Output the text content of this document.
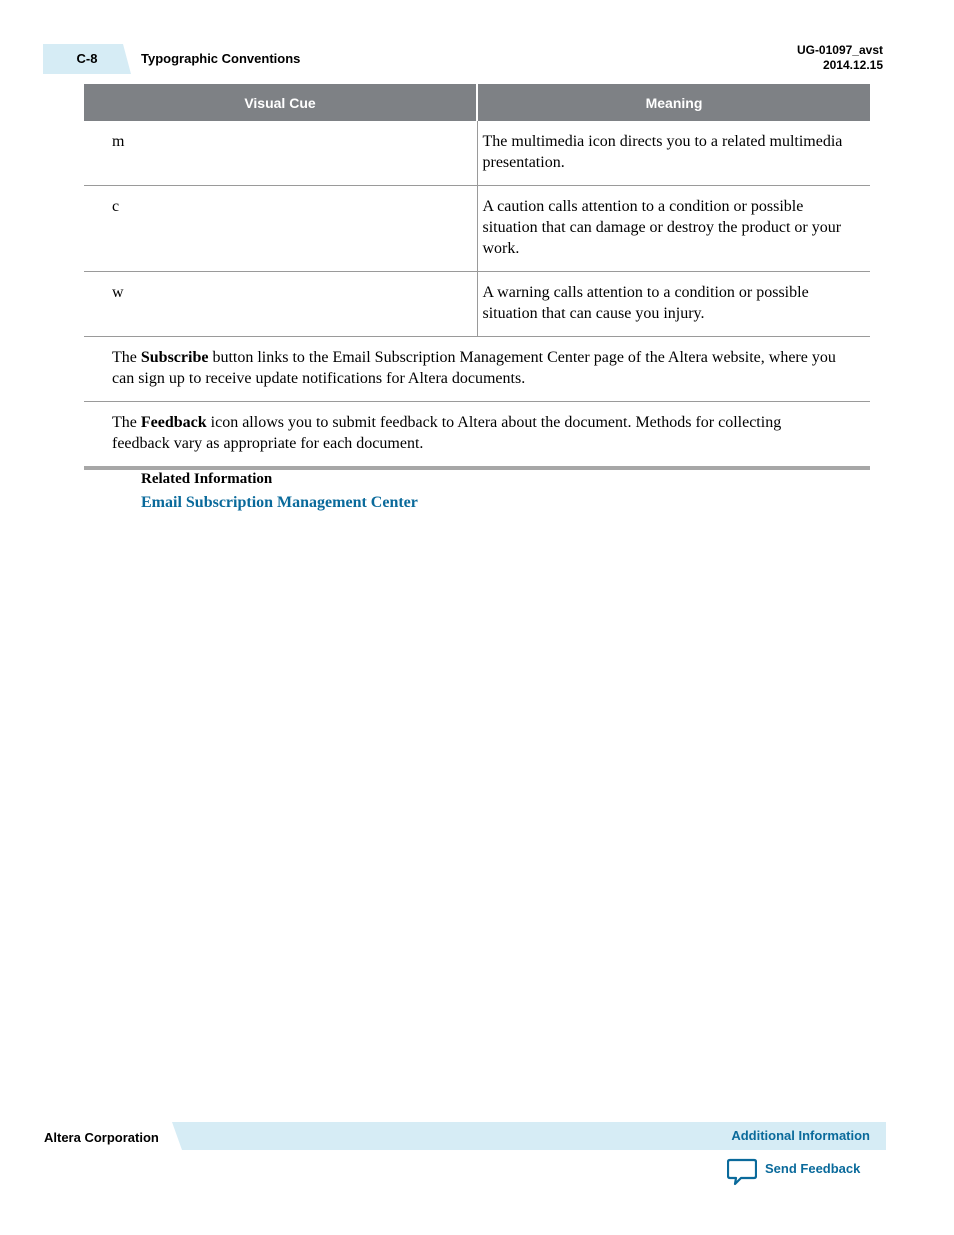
C-8	Typographic Conventions
UG-01097_avst
2014.12.15
Visual Cue	Meaning
m	The multimedia icon directs you to a related multimedia presentation.
c	A caution calls attention to a condition or possible situation that can damage or destroy the product or your work.
w	A warning calls attention to a condition or possible situation that can cause you injury.
The Subscribe button links to the Email Subscription Management Center page of the Altera website, where you can sign up to receive update notifications for Altera documents.	
The Feedback icon allows you to submit feedback to Altera about the document. Methods for collecting feedback vary as appropriate for each document.	
Related Information
Email Subscription Management Center
Altera Corporation	Additional Information
Send Feedback
